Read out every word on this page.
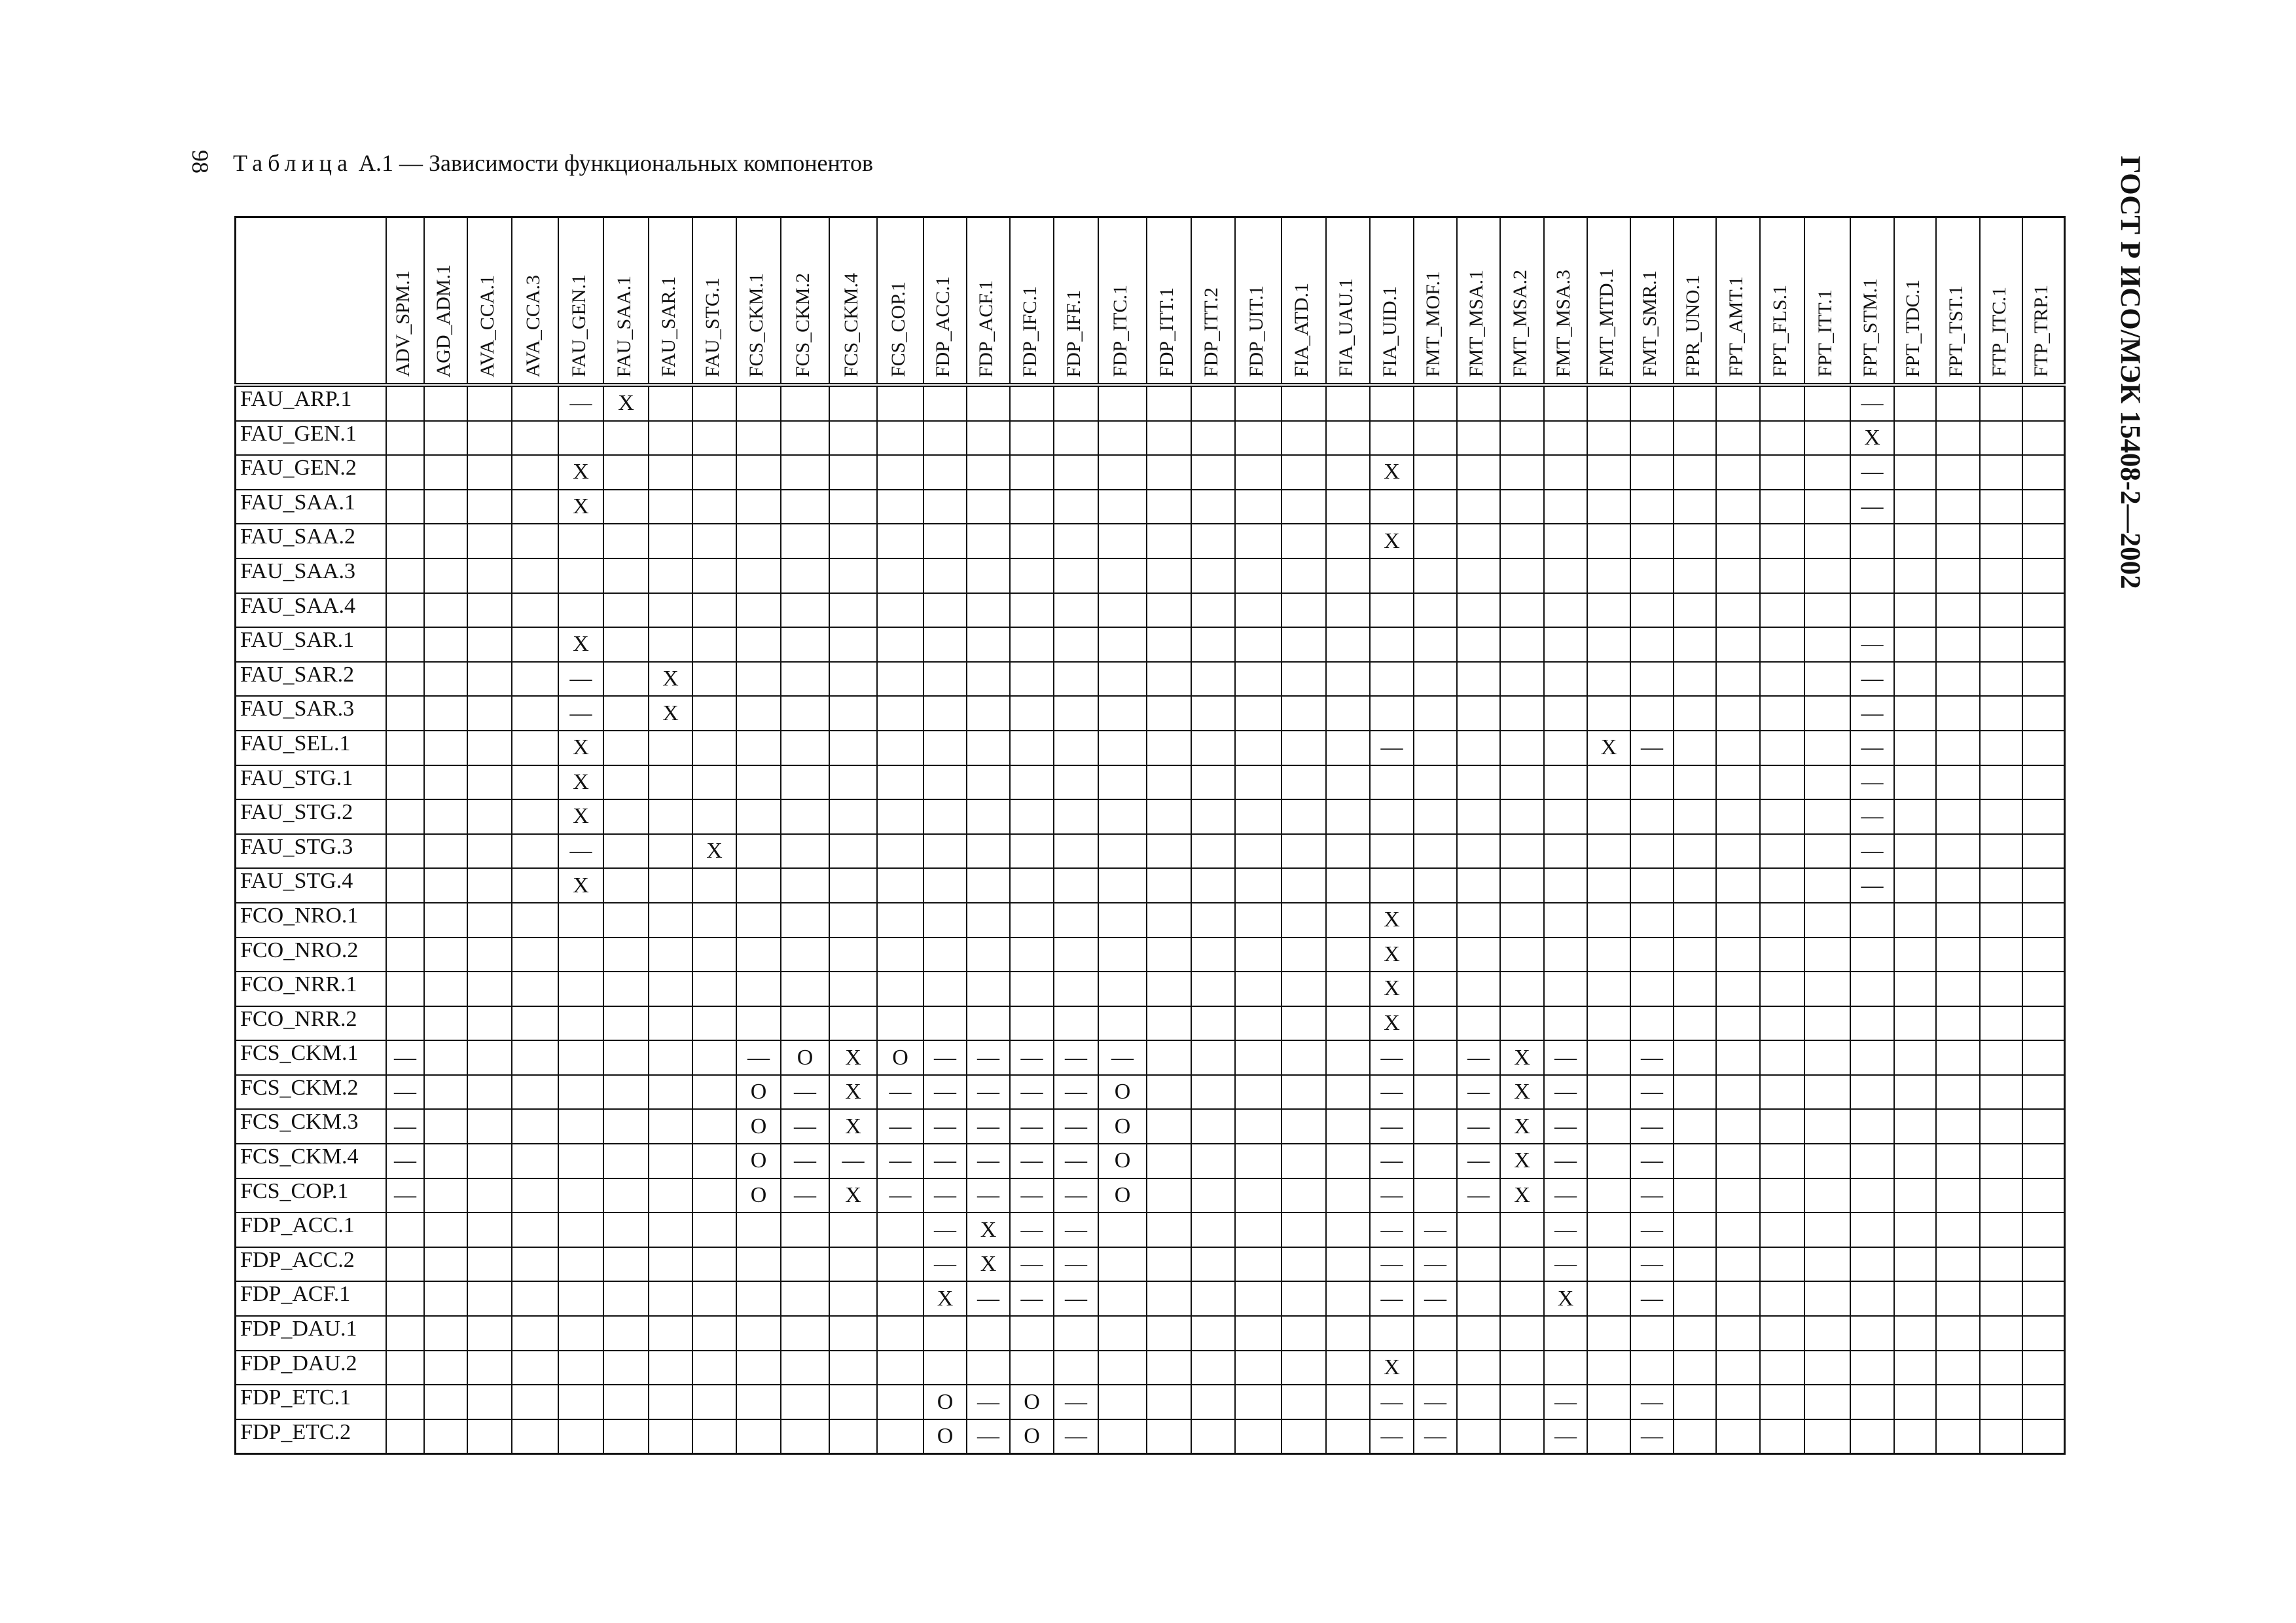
98 Таблица А.1 — Зависимости функциональных компонентов	ГОСТ Р ИСО/МЭК 15408-2—2002
	ADV_SPM.1	AGD_ADM.1	AVA_CCA.1	AVA_CCA.3	FAU_GEN.1	FAU_SAA.1	FAU_SAR.1	FAU_STG.1	FCS_CKM.1	FCS_CKM.2	FCS_CKM.4	FCS_COP.1	FDP_ACC.1	FDP_ACF.1	FDP_IFC.1	FDP_IFF.1	FDP_ITC.1	FDP_ITT.1	FDP_ITT.2	FDP_UIT.1	FIA_ATD.1	FIA_UAU.1	FIA_UID.1	FMT_MOF.1	FMT_MSA.1	FMT_MSA.2	FMT_MSA.3	FMT_MTD.1	FMT_SMR.1	FPR_UNO.1	FPT_AMT.1	FPT_FLS.1	FPT_ITT.1	FPT_STM.1	FPT_TDC.1	FPT_TST.1	FTP_ITC.1	FTP_TRP.1
FAU_ARP.1					—	X																												—				
FAU_GEN.1																																		X				
FAU_GEN.2					X																		X											—				
FAU_SAA.1					X																													—				
FAU_SAA.2																							X															
FAU_SAA.3																																						
FAU_SAA.4																																						
FAU_SAR.1					X																													—				
FAU_SAR.2					—		X																											—				
FAU_SAR.3					—		X																											—				
FAU_SEL.1					X																		—					X	—					—				
FAU_STG.1					X																													—				
FAU_STG.2					X																													—				
FAU_STG.3					—			X																										—				
FAU_STG.4					X																													—				
FCO_NRO.1																							X															
FCO_NRO.2																							X															
FCO_NRR.1																							X															
FCO_NRR.2																							X															
FCS_CKM.1	—								—	O	X	O	—	—	—	—	—						—		—	X	—		—									
FCS_CKM.2	—								O	—	X	—	—	—	—	—	O						—		—	X	—		—									
FCS_CKM.3	—								O	—	X	—	—	—	—	—	O						—		—	X	—		—									
FCS_CKM.4	—								O	—	—	—	—	—	—	—	O						—		—	X	—		—									
FCS_COP.1	—								O	—	X	—	—	—	—	—	O						—		—	X	—		—									
FDP_ACC.1													—	X	—	—							—	—			—		—									
FDP_ACC.2													—	X	—	—							—	—			—		—									
FDP_ACF.1													X	—	—	—							—	—			X		—									
FDP_DAU.1																																						
FDP_DAU.2																							X															
FDP_ETC.1													O	—	O	—							—	—			—		—									
FDP_ETC.2													O	—	O	—							—	—			—		—									
